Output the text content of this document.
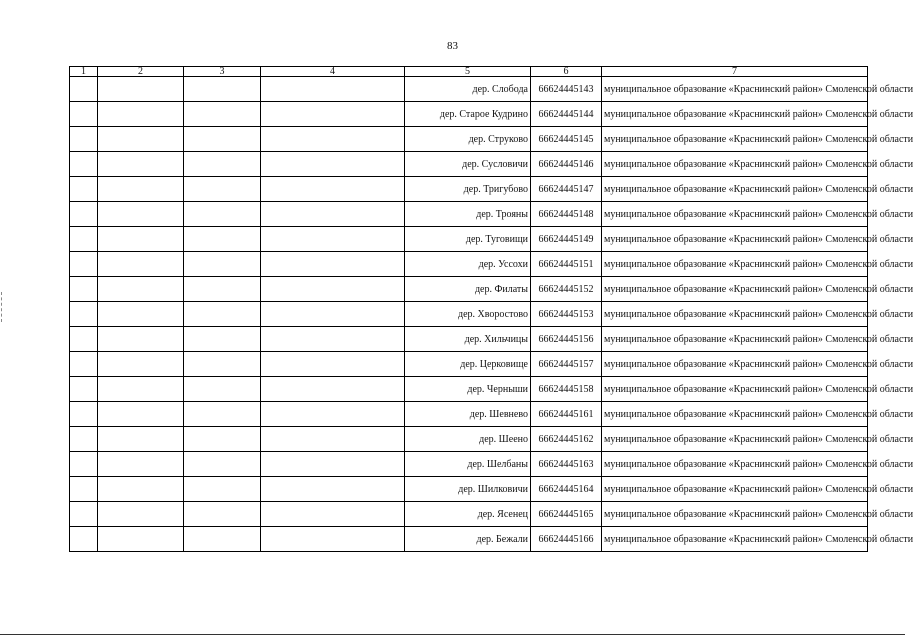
83
1	2	3	4	5	6	7
				дер. Слобода	66624445143	муниципальное образование «Краснинский район» Смоленской области
				дер. Старое Кудрино	66624445144	муниципальное образование «Краснинский район» Смоленской области
				дер. Струково	66624445145	муниципальное образование «Краснинский район» Смоленской области
				дер. Сусловичи	66624445146	муниципальное образование «Краснинский район» Смоленской области
				дер. Тригубово	66624445147	муниципальное образование «Краснинский район» Смоленской области
				дер. Трояны	66624445148	муниципальное образование «Краснинский район» Смоленской области
				дер. Туговищи	66624445149	муниципальное образование «Краснинский район» Смоленской области
				дер. Уссохи	66624445151	муниципальное образование «Краснинский район» Смоленской области
				дер. Филаты	66624445152	муниципальное образование «Краснинский район» Смоленской области
				дер. Хворостово	66624445153	муниципальное образование «Краснинский район» Смоленской области
				дер. Хильчицы	66624445156	муниципальное образование «Краснинский район» Смоленской области
				дер. Церковище	66624445157	муниципальное образование «Краснинский район» Смоленской области
				дер. Черныши	66624445158	муниципальное образование «Краснинский район» Смоленской области
				дер. Шевнево	66624445161	муниципальное образование «Краснинский район» Смоленской области
				дер. Шеено	66624445162	муниципальное образование «Краснинский район» Смоленской области
				дер. Шелбаны	66624445163	муниципальное образование «Краснинский район» Смоленской области
				дер. Шилковичи	66624445164	муниципальное образование «Краснинский район» Смоленской области
				дер. Ясенец	66624445165	муниципальное образование «Краснинский район» Смоленской области
				дер. Бежали	66624445166	муниципальное образование «Краснинский район» Смоленской области
